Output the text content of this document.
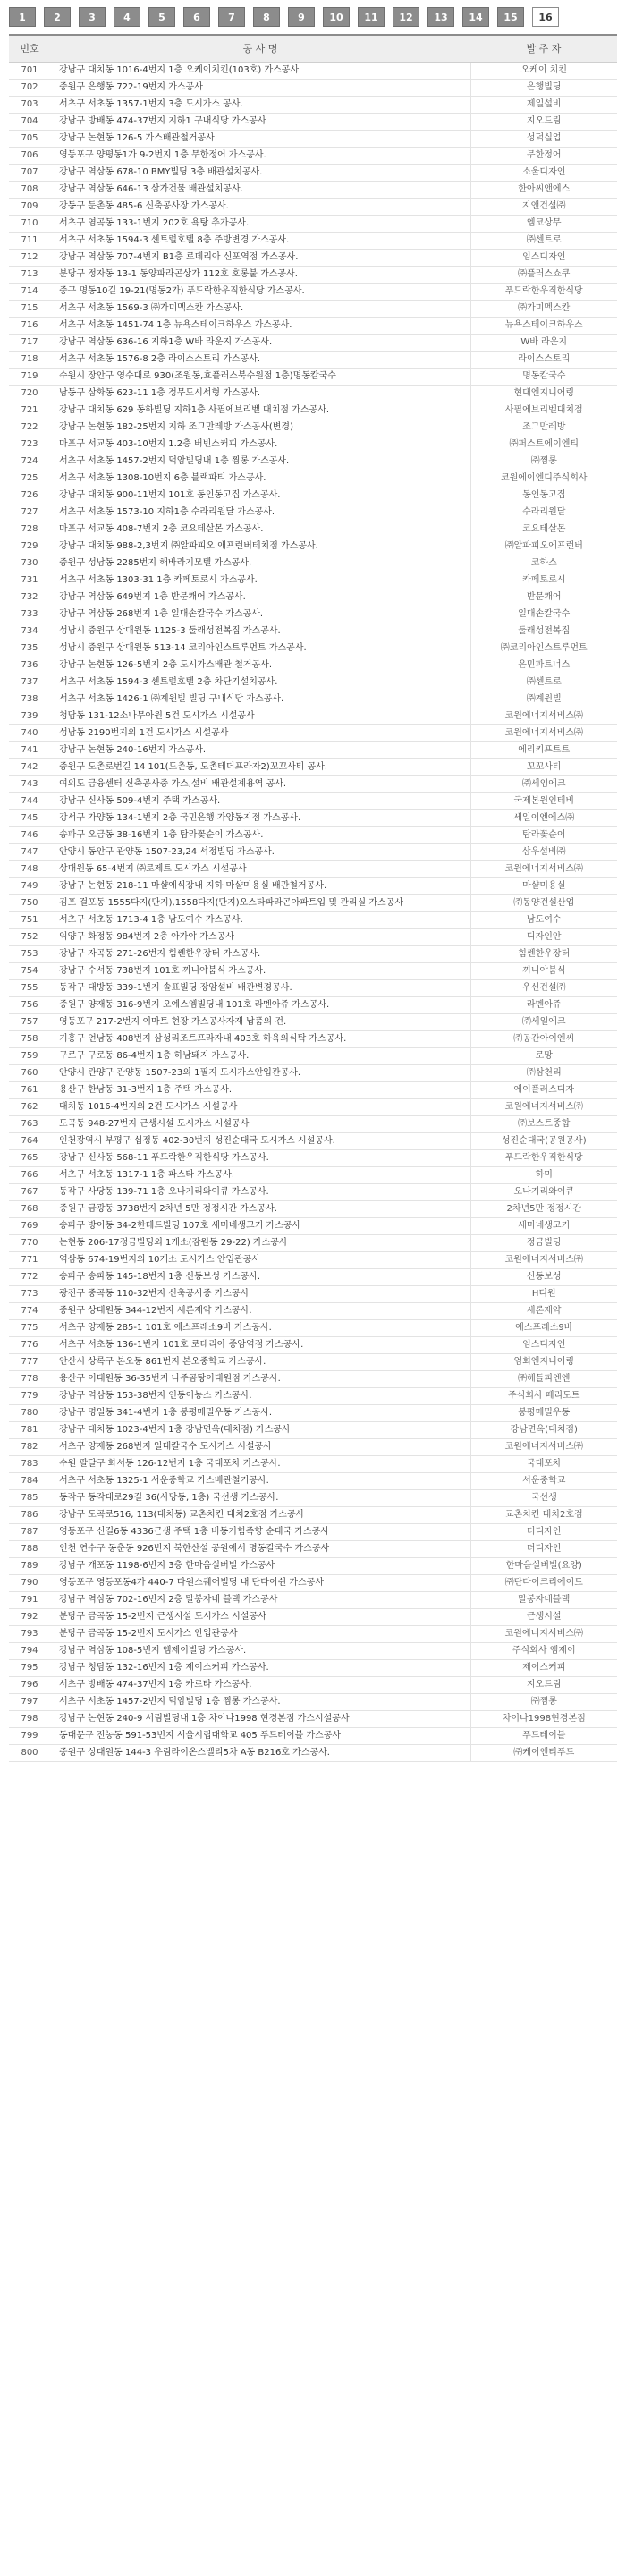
1	2	3	4	5	6	7	8	9	10	11	12	13	14	15	16
번호	공 사 명	발 주 자
701	강남구 대치동 1016-4번지 1층 오케이치킨(103호) 가스공사	오케이 치킨
702	중원구 은행동 722-19번지 가스공사	은행빌딩
703	서초구 서초동 1357-1번지 3층 도시가스 공사.	제일설비
704	강남구 방배동 474-37번지 지하1 구내식당 가스공사	지오드림
705	강남구 논현동 126-5 가스배관철거공사.	성덕실업
706	영등포구 양평동1가 9-2번지 1층 무한정어 가스공사.	무한정어
707	강남구 역삼동 678-10 BMY빌딩 3층 배관설치공사.	소울디자인
708	강남구 역삼동 646-13 삼가건물 배관설치공사.	한아씨앤에스
709	강동구 둔촌동 485-6 신축공사장 가스공사.	지앤건설㈜
710	서초구 염곡동 133-1번지 202호 욕탕 추가공사.	엠코상무
711	서초구 서초동 1594-3 센트럴호텔 8층 주방변경 가스공사.	㈜센트로
712	강남구 역삼동 707-4번지 B1층 로데리아 신포역점 가스공사.	임스디자인
713	분당구 정자동 13-1 동양파라곤상가 112호 호롱불 가스공사.	㈜플러스쇼쿠
714	중구 명동10길 19-21(명동2가) 푸드락한우직한식당 가스공사.	푸드락한우직한식당
715	서초구 서초동 1569-3 ㈜가미멕스칸 가스공사.	㈜가미멕스칸
716	서초구 서초동 1451-74 1층 뉴욕스테이크하우스 가스공사.	뉴욕스테이크하우스
717	강남구 역삼동 636-16 지하1층 W바 라운지 가스공사.	W바 라운지
718	서초구 서초동 1576-8 2층 라이스스토리 가스공사.	라이스스토리
719	수원시 장안구 영수대로 930(조원동,효플러스북수원점 1층)명동칼국수	명동칼국수
720	남동구 삼화동 623-11 1층 정무도시서형 가스공사.	현대엔지니어링
721	강남구 대치동 629 동하빌딩 지하1층 사필에브리벨 대치점 가스공사.	사필에브리벨대치점
722	강남구 논현동 182-25번지 지하 조그만레방 가스공사(변경)	조그만레방
723	마포구 서교동 403-10번지 1.2층 버빈스커피 가스공사.	㈜퍼스트에이엔티
724	서초구 서초동 1457-2번지 덕암빌딩내 1층 찜롱 가스공사.	㈜찜롱
725	서초구 서초동 1308-10번지 6층 블랙파티 가스공사.	코원에이엔디주식회사
726	강남구 대치동 900-11번지 101호 동인동고집 가스공사.	동인동고집
727	서초구 서초동 1573-10 지하1층 수라리원달 가스공사.	수라리원달
728	마포구 서교동 408-7번지 2층 코요테살몬 가스공사.	코요테살몬
729	강남구 대치동 988-2,3번지 ㈜알파피오 애프런버테치점 가스공사.	㈜알파피오에프런버
730	중원구 성남동 2285번지 해바라기모텔 가스공사.	코하스
731	서초구 서초동 1303-31 1층 카페토로시 가스공사.	카페토로시
732	강남구 역삼동 649번지 1층 반문쾌어 가스공사.	반문쾌어
733	강남구 역삼동 268번지 1층 일대손칼국수 가스공사.	일대손칼국수
734	성남시 중원구 상대원동 1125-3 둘래성전복집 가스공사.	둘래성전복집
735	성남시 중원구 상대원동 513-14 코리아인스트루먼트 가스공사.	㈜코리아인스트루먼트
736	강남구 논현동 126-5번지 2층 도시가스배관 철거공사.	은민파트너스
737	서초구 서초동 1594-3 센트럴호텔 2층 차단기설치공사.	㈜센트로
738	서초구 서초동 1426-1 ㈜계원빌 빌딩 구내식당 가스공사.	㈜계원빌
739	청담동 131-12소나무아원 5건 도시가스 시설공사	코원에너지서비스㈜
740	성남동 2190번지외 1건 도시가스 시설공사	코원에너지서비스㈜
741	강남구 논현동 240-16번지 가스공사.	에리키프트트
742	중원구 도촌로번길 14 101(도촌동, 도촌테더프라자2)꼬꼬사티 공사.	꼬꼬사티
743	여의도 금융센터 신축공사중 가스,설비 배관설계용역 공사.	㈜세임에크
744	강남구 신사동 509-4번지 주택 가스공사.	국제본원인테비
745	강서구 가양동 134-1번지 2층 국민은행 가양동지점 가스공사.	세일이엔에스㈜
746	송파구 오금동 38-16번지 1층 탐라꽃순이 가스공사.	탐라꽃순이
747	안양시 동안구 관양동 1507-23,24 서정빌딩 가스공사.	삼우설비㈜
748	상대원동 65-4번지 ㈜로제트 도시가스 시설공사	코원에너지서비스㈜
749	강남구 논현동 218-11 마샬에식장내 지하 마샬미용실 배관철거공사.	마샬미용실
750	김포 걸포동 1555다지(단지),1558다지(단지)오스타파라곤아파트입 및 관리실 가스공사	㈜동양건설산업
751	서초구 서초동 1713-4 1층 남도여수 가스공사.	남도여수
752	익양구 화정동 984번지 2층 아가야 가스공사	디자인안
753	강남구 자곡동 271-26번지 힘쎈한우장터 가스공사.	힘쎈한우장터
754	강남구 수서동 738번지 101호 끼니야붐식 가스공사.	끼니야붐식
755	동작구 대방동 339-1번지 솔표빌딩 장암설비 배관변경공사.	우신건설㈜
756	중원구 양재동 316-9번지 오예스엠빌딩내 101호 라멘아쥬 가스공사.	라멘아쥬
757	영등포구 217-2번지 이마트 현장 가스공사자재 납품의 건.	㈜세일에크
758	기흥구 언남동 408번지 삼성리조트프라자내 403호 하욕의식탁 가스공사.	㈜공간아이엔씨
759	구로구 구로동 86-4번지 1층 하남돼지 가스공사.	로망
760	안양시 관양구 관양동 1507-23외 1필지 도시가스안입관공사.	㈜삼천리
761	용산구 한남동 31-3번지 1층 주택 가스공사.	에이플러스디자
762	대치동 1016-4번지외 2건 도시가스 시설공사	코원에너지서비스㈜
763	도곡동 948-27번지 근생시설 도시가스 시설공사	㈜보스트종합
764	인천광역시 부평구 십정동 402-30번지 성진순대국 도시가스 시설공사.	성진순대국(공원공사)
765	강남구 신사동 568-11 푸드락한우직한식당 가스공사.	푸드락한우직한식당
766	서초구 서초동 1317-1 1층 파스타 가스공사.	하미
767	동작구 사당동 139-71 1층 오나기리와이큐 가스공사.	오나기리와이큐
768	중원구 금광동 3738번지 2차년 5만 정정시간 가스공사.	2차년5만 정정시간
769	송파구 방이동 34-2한테드빌딩 107호 세미네생고기 가스공사	세미네생고기
770	논현동 206-17정금빌딩외 1개소(잠원동 29-22) 가스공사	정금빌딩
771	역삼동 674-19번지외 10개소 도시가스 안입관공사	코원에너지서비스㈜
772	송파구 송파동 145-18번지 1층 신동보성 가스공사.	신동보성
773	광진구 중곡동 110-32번지 신축공사중 가스공사	H디원
774	중원구 상대원동 344-12번지 새론제약 가스공사.	새론제약
775	서초구 양재동 285-1 101호 에스프레소9바 가스공사.	에스프레소9바
776	서초구 서초동 136-1번지 101호 로데리아 종암역점 가스공사.	임스디자인
777	안산시 상록구 본오동 861번지 본오중학교 가스공사.	엄회엔지니어링
778	용산구 이태원동 36-35번지 나주곰탕이태원점 가스공사.	㈜해들피엔엔
779	강남구 역삼동 153-38번지 인동이농스 가스공사.	주식회사 페리도트
780	강남구 명일동 341-4번지 1층 봉평메밀우동 가스공사.	봉평메밀우동
781	강남구 대치동 1023-4번지 1층 강남면옥(대치점) 가스공사	강남면옥(대치점)
782	서초구 양재동 268번지 일대칼국수 도시가스 시설공사	코원에너지서비스㈜
783	수원 팔달구 화서동 126-12번지 1층 국대포차 가스공사.	국대포차
784	서초구 서초동 1325-1 서운중학교 가스배관철거공사.	서운중학교
785	동작구 동작대로29길 36(사당동, 1층) 국선생 가스공사.	국선생
786	강남구 도곡로516, 113(대치동) 교촌치킨 대치2호점 가스공사	교촌치킨 대치2호점
787	영등포구 신길6동 4336근생 주택 1층 비동기힘족향 순대국 가스공사	더디자인
788	인천 연수구 동춘동 926번지 북한산설 공원에서 명동칼국수 가스공사	더디자인
789	강남구 개포동 1198-6번지 3층 한마음실버빌 가스공사	한마음실버빌(요양)
790	영등포구 영등포동4가 440-7 다원스퀘어빌딩 내 단다이쉰 가스공사	㈜단다이크리에이트
791	강남구 역삼동 702-16번지 2층 말봉자네 블랙 가스공사	말봉자네블랙
792	분당구 금곡동 15-2번지 근생시설 도시가스 시설공사	근생시설
793	분당구 금곡동 15-2번지 도시가스 안입관공사	코원에너지서비스㈜
794	강남구 역삼동 108-5번지 엠제이빌딩 가스공사.	주식회사 엠제이
795	강남구 청담동 132-16번지 1층 제이스커피 가스공사.	제이스커피
796	서초구 방배동 474-37번지 1층 카르타 가스공사.	지오드림
797	서초구 서초동 1457-2번지 덕암빌딩 1층 찜롱 가스공사.	㈜찜롱
798	강남구 논현동 240-9 서림빌딩내 1층 차이나1998 현경본점 가스시설공사	차이나1998현경본점
799	동대문구 전농동 591-53번지 서울시립대학교 405 푸드테이블 가스공사	푸드테이블
800	중원구 상대원동 144-3 우림라이온스밸리5차 A동 B216호 가스공사.	㈜케이엔티푸드
